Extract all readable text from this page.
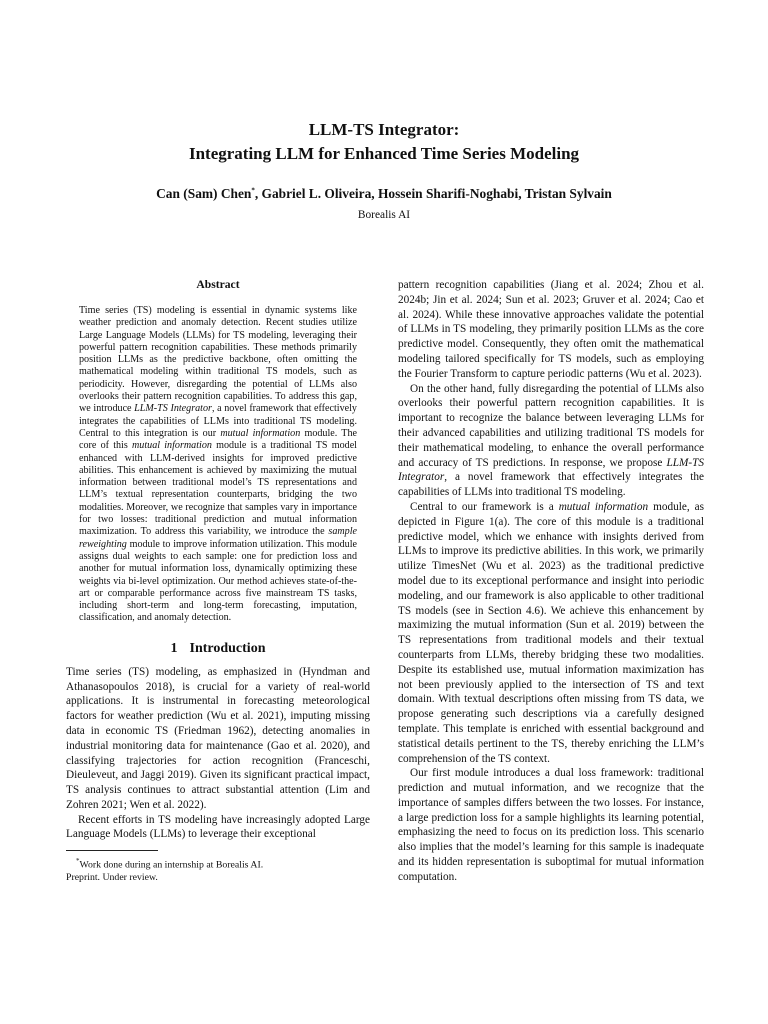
LLM-TS Integrator:
Integrating LLM for Enhanced Time Series Modeling
Can (Sam) Chen*, Gabriel L. Oliveira, Hossein Sharifi-Noghabi, Tristan Sylvain
Borealis AI
Abstract

Time series (TS) modeling is essential in dynamic systems like weather prediction and anomaly detection. Recent studies utilize Large Language Models (LLMs) for TS modeling, leveraging their powerful pattern recognition capabilities. These methods primarily position LLMs as the predictive backbone, often omitting the mathematical modeling within traditional TS models, such as periodicity. However, disregarding the potential of LLMs also overlooks their pattern recognition capabilities. To address this gap, we introduce LLM-TS Integrator, a novel framework that effectively integrates the capabilities of LLMs into traditional TS modeling. Central to this integration is our mutual information module. The core of this mutual information module is a traditional TS model enhanced with LLM-derived insights for improved predictive abilities. This enhancement is achieved by maximizing the mutual information between traditional model’s TS representations and LLM’s textual representation counterparts, bridging the two modalities. Moreover, we recognize that samples vary in importance for two losses: traditional prediction and mutual information maximization. To address this variability, we introduce the sample reweighting module to improve information utilization. This module assigns dual weights to each sample: one for prediction loss and another for mutual information loss, dynamically optimizing these weights via bi-level optimization. Our method achieves state-of-the-art or comparable performance across five mainstream TS tasks, including short-term and long-term forecasting, imputation, classification, and anomaly detection.

1 Introduction

Time series (TS) modeling, as emphasized in (Hyndman and Athanasopoulos 2018), is crucial for a variety of real-world applications. It is instrumental in forecasting meteorological factors for weather prediction (Wu et al. 2021), imputing missing data in economic TS (Friedman 1962), detecting anomalies in industrial monitoring data for maintenance (Gao et al. 2020), and classifying trajectories for action recognition (Franceschi, Dieuleveut, and Jaggi 2019). Given its significant practical impact, TS analysis continues to attract substantial attention (Lim and Zohren 2021; Wen et al. 2022).

Recent efforts in TS modeling have increasingly adopted Large Language Models (LLMs) to leverage their exceptional

*Work done during an internship at Borealis AI.
Preprint. Under review.

pattern recognition capabilities (Jiang et al. 2024; Zhou et al. 2024b; Jin et al. 2024; Sun et al. 2023; Gruver et al. 2024; Cao et al. 2024). While these innovative approaches validate the potential of LLMs in TS modeling, they primarily position LLMs as the core predictive model. Consequently, they often omit the mathematical modeling tailored specifically for TS models, such as employing the Fourier Transform to capture periodic patterns (Wu et al. 2023).

On the other hand, fully disregarding the potential of LLMs also overlooks their powerful pattern recognition capabilities. It is important to recognize the balance between leveraging LLMs for their advanced capabilities and utilizing traditional TS models for their mathematical modeling, to enhance the overall performance and accuracy of TS predictions. In response, we propose LLM-TS Integrator, a novel framework that effectively integrates the capabilities of LLMs into traditional TS modeling.

Central to our framework is a mutual information module, as depicted in Figure 1(a). The core of this module is a traditional predictive model, which we enhance with insights derived from LLMs to improve its predictive abilities. In this work, we primarily utilize TimesNet (Wu et al. 2023) as the traditional predictive model due to its exceptional performance and insight into periodic modeling, and our framework is also applicable to other traditional TS models (see in Section 4.6). We achieve this enhancement by maximizing the mutual information (Sun et al. 2019) between the TS representations from traditional models and their textual counterparts from LLMs, thereby bridging these two modalities. Despite its established use, mutual information maximization has not been previously applied to the intersection of TS and text domain. With textual descriptions often missing from TS data, we propose generating such descriptions via a carefully designed template. This template is enriched with essential background and statistical details pertinent to the TS, thereby enriching the LLM’s comprehension of the TS context.

Our first module introduces a dual loss framework: traditional prediction and mutual information, and we recognize that the importance of samples differs between the two losses. For instance, a large prediction loss for a sample highlights its learning potential, emphasizing the need to focus on its prediction loss. This scenario also implies that the model’s learning for this sample is inadequate and its hidden representation is suboptimal for mutual information computation.
